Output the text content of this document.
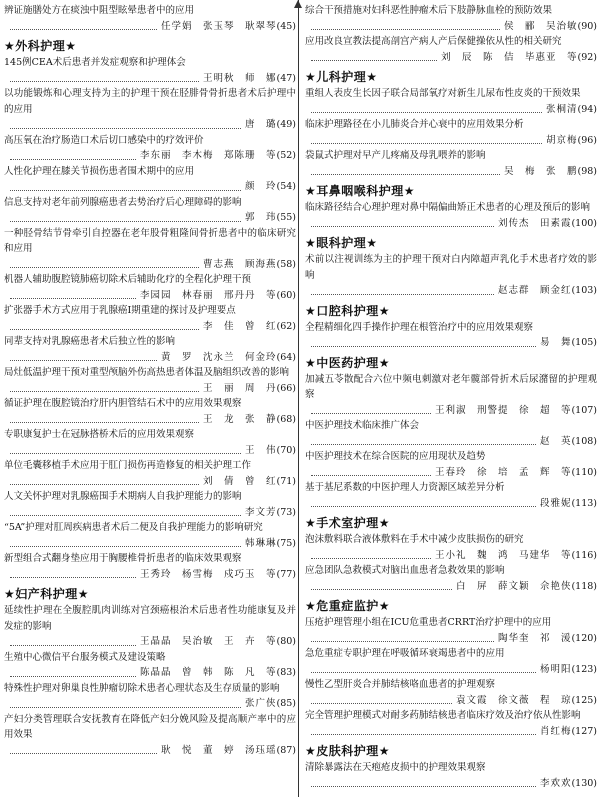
辨证施膳处方在痰浊中阻型眩晕患者中的应用
任学娟　张玉琴　耿翠琴 (45)
★外科护理★
145例CEA术后患者并发症观察和护理体会
王明秋　师　娜 (47)
以功能锻炼和心理支持为主的护理干预在胫腓骨骨折患者术后护理中的应用
唐　璐 (49)
高压氧在治疗肠造口术后切口感染中的疗效评价
李东丽　李木梅　郑陈珊　等 (52)
人性化护理在膝关节损伤患者围术期中的应用
颜　玲 (54)
信息支持对老年前列腺癌患者去势治疗后心理障碍的影响
郭　玮 (55)
一种胫骨结节骨牵引自控器在老年股骨粗隆间骨折患者中的临床研究和应用
曹志燕　顾海燕 (58)
机器人辅助腹腔镜肺癌切除术后辅助化疗的全程化护理干预
李园园　林春丽　邢丹丹　等 (60)
扩张器手术方式应用于乳腺癌Ⅰ期重建的探讨及护理要点
李　佳　曾　红 (62)
同辈支持对乳腺癌患者术后独立性的影响
黄　罗　沈永兰　何金玲 (64)
局灶低温护理干预对重型颅脑外伤高热患者体温及脑组织改善的影响
王　丽　周　丹 (66)
循证护理在腹腔镜治疗肝内胆管结石术中的应用效果观察
王　龙　张　静 (68)
专职康复护士在冠脉搭桥术后的应用效果观察
王　伟 (70)
单位毛囊移植手术应用于肛门损伤再造修复的相关护理工作
刘　倩　曾　红 (71)
人文关怀护理对乳腺癌围手术期病人自我护理能力的影响
李文芳 (73)
“5A”护理对肛周疾病患者术后二便及自我护理能力的影响研究
韩琳琳 (75)
新型组合式翻身垫应用于胸腰椎骨折患者的临床效果观察
王秀玲　杨雪梅　戍巧玉　等 (77)
★妇产科护理★
延续性护理在全腹腔肌肉训练对宫颈癌根治术后患者性功能康复及并发症的影响
王晶晶　吴治敏　王　卉　等 (80)
生殖中心微信平台服务模式及建设策略
陈晶晶　曾　韩　陈　凡　等 (83)
特殊性护理对卵巢良性肿瘤切除术患者心理状态及生存质量的影响
张广侠 (85)
产妇分类管理联合安抚教育在降低产妇分娩风险及提高顺产率中的应用效果
耿　悦　董　婷　汤珏瑶 (87)
综合干预措施对妇科恶性肿瘤术后下肢静脉血栓的预防效果
侯　郦　吴治敏 (90)
应用改良宣教法提高剖宫产病人产后保健操依从性的相关研究
刘　辰　陈　佶　毕惠亚　等 (92)
★儿科护理★
重组人表皮生长因子联合局部氧疗对新生儿尿布性皮炎的干预效果
张桐清 (94)
临床护理路径在小儿肺炎合并心衰中的应用效果分析
胡京梅 (96)
袋鼠式护理对早产儿疼痛及母乳喂养的影响
吴　梅　张　鹏 (98)
★耳鼻咽喉科护理★
临床路径结合心理护理对鼻中隔偏曲矫正术患者的心理及预后的影响
刘传杰　田素霞 (100)
★眼科护理★
术前以注视训练为主的护理干预对白内障超声乳化手术患者疗效的影响
赵志群　顾金红 (103)
★口腔科护理★
全程精细化四手操作护理在根管治疗中的应用效果观察
易　舞 (105)
★中医药护理★
加减五苓散配合六位中频电刺激对老年髋部骨折术后尿潴留的护理观察
王利淑　刑警提　徐　超　等 (107)
中医护理技术临床推广体会
赵　英 (108)
中医护理技术在综合医院的应用现状及趋势
王春玲　徐　培　孟　辉　等 (110)
基于基尼系数的中医护理人力资源区域差异分析
段雅妮 (113)
★手术室护理★
泡沫敷料联合液体敷料在手术中减少皮肤损伤的研究
王小礼　魏　鸿　马建华　等 (116)
应急团队急救模式对脑出血患者急救效果的影响
白　屏　薛文颖　佘艳侠 (118)
★危重症监护★
压疮护理管理小组在ICU危重患者CRRT治疗护理中的应用
陶华奎　祁　湲 (120)
急危重症专职护理在呼吸循环衰竭患者中的应用
杨明阳 (123)
慢性乙型肝炎合并肺结核咯血患者的护理观察
袁文霞　徐文薇　程　琼 (125)
完全管理护理模式对耐多药肺结核患者临床疗效及治疗依从性影响
肖红梅 (127)
★皮肤科护理★
清除暴露法在天疱疮皮损中的护理效果观察
李欢欢 (130)
